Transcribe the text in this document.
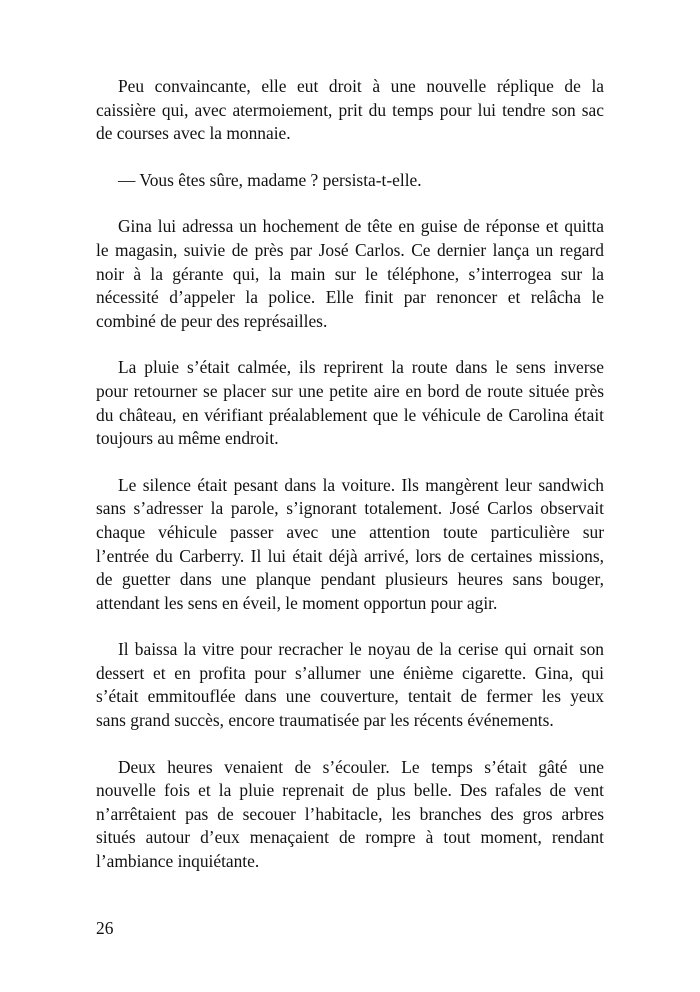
Peu convaincante, elle eut droit à une nouvelle réplique de la
caissière qui, avec atermoiement, prit du temps pour lui tendre son sac
de courses avec la monnaie.
— Vous êtes sûre, madame ? persista-t-elle.
Gina lui adressa un hochement de tête en guise de réponse et quitta
le magasin, suivie de près par José Carlos. Ce dernier lança un regard
noir à la gérante qui, la main sur le téléphone, s’interrogea sur la
nécessité d’appeler la police. Elle finit par renoncer et relâcha le
combiné de peur des représailles.
La pluie s’était calmée, ils reprirent la route dans le sens inverse
pour retourner se placer sur une petite aire en bord de route située près
du château, en vérifiant préalablement que le véhicule de Carolina était
toujours au même endroit.
Le silence était pesant dans la voiture. Ils mangèrent leur sandwich
sans s’adresser la parole, s’ignorant totalement. José Carlos observait
chaque véhicule passer avec une attention toute particulière sur
l’entrée du Carberry. Il lui était déjà arrivé, lors de certaines missions,
de guetter dans une planque pendant plusieurs heures sans bouger,
attendant les sens en éveil, le moment opportun pour agir.
Il baissa la vitre pour recracher le noyau de la cerise qui ornait son
dessert et en profita pour s’allumer une énième cigarette. Gina, qui
s’était emmitouflée dans une couverture, tentait de fermer les yeux
sans grand succès, encore traumatisée par les récents événements.
Deux heures venaient de s’écouler. Le temps s’était gâté une
nouvelle fois et la pluie reprenait de plus belle. Des rafales de vent
n’arrêtaient pas de secouer l’habitacle, les branches des gros arbres
situés autour d’eux menaçaient de rompre à tout moment, rendant
l’ambiance inquiétante.
26
